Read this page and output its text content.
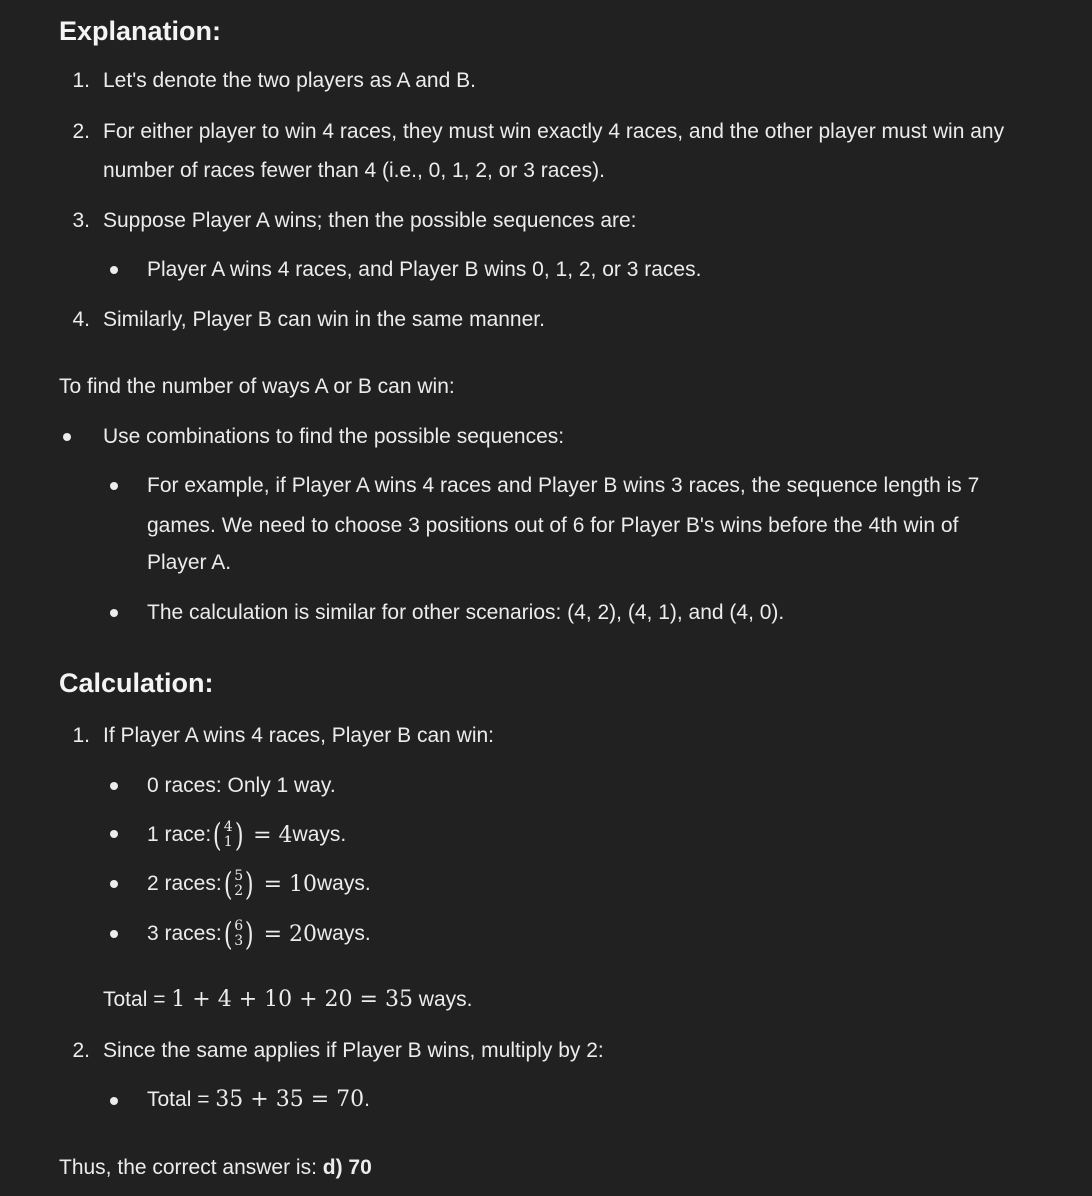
Explanation:
1. Let's denote the two players as A and B.
2. For either player to win 4 races, they must win exactly 4 races, and the other player must win any
number of races fewer than 4 (i.e., 0, 1, 2, or 3 races).
3. Suppose Player A wins; then the possible sequences are:
Player A wins 4 races, and Player B wins 0, 1, 2, or 3 races.
4. Similarly, Player B can win in the same manner.
To find the number of ways A or B can win:
Use combinations to find the possible sequences:
For example, if Player A wins 4 races and Player B wins 3 races, the sequence length is 7
games. We need to choose 3 positions out of 6 for Player B's wins before the 4th win of
Player A.
The calculation is similar for other scenarios: (4, 2), (4, 1), and (4, 0).
Calculation:
1. If Player A wins 4 races, Player B can win:
0 races: Only 1 way.
1 race: ( 4
1 ) = 4 ways.
2 races: ( 5
2 ) = 10 ways.
3 races: ( 6
3 ) = 20 ways.
Total = 1 + 4 + 10 + 20 = 35 ways.
2. Since the same applies if Player B wins, multiply by 2:
Total = 35 + 35 = 70.
Thus, the correct answer is: d) 70
